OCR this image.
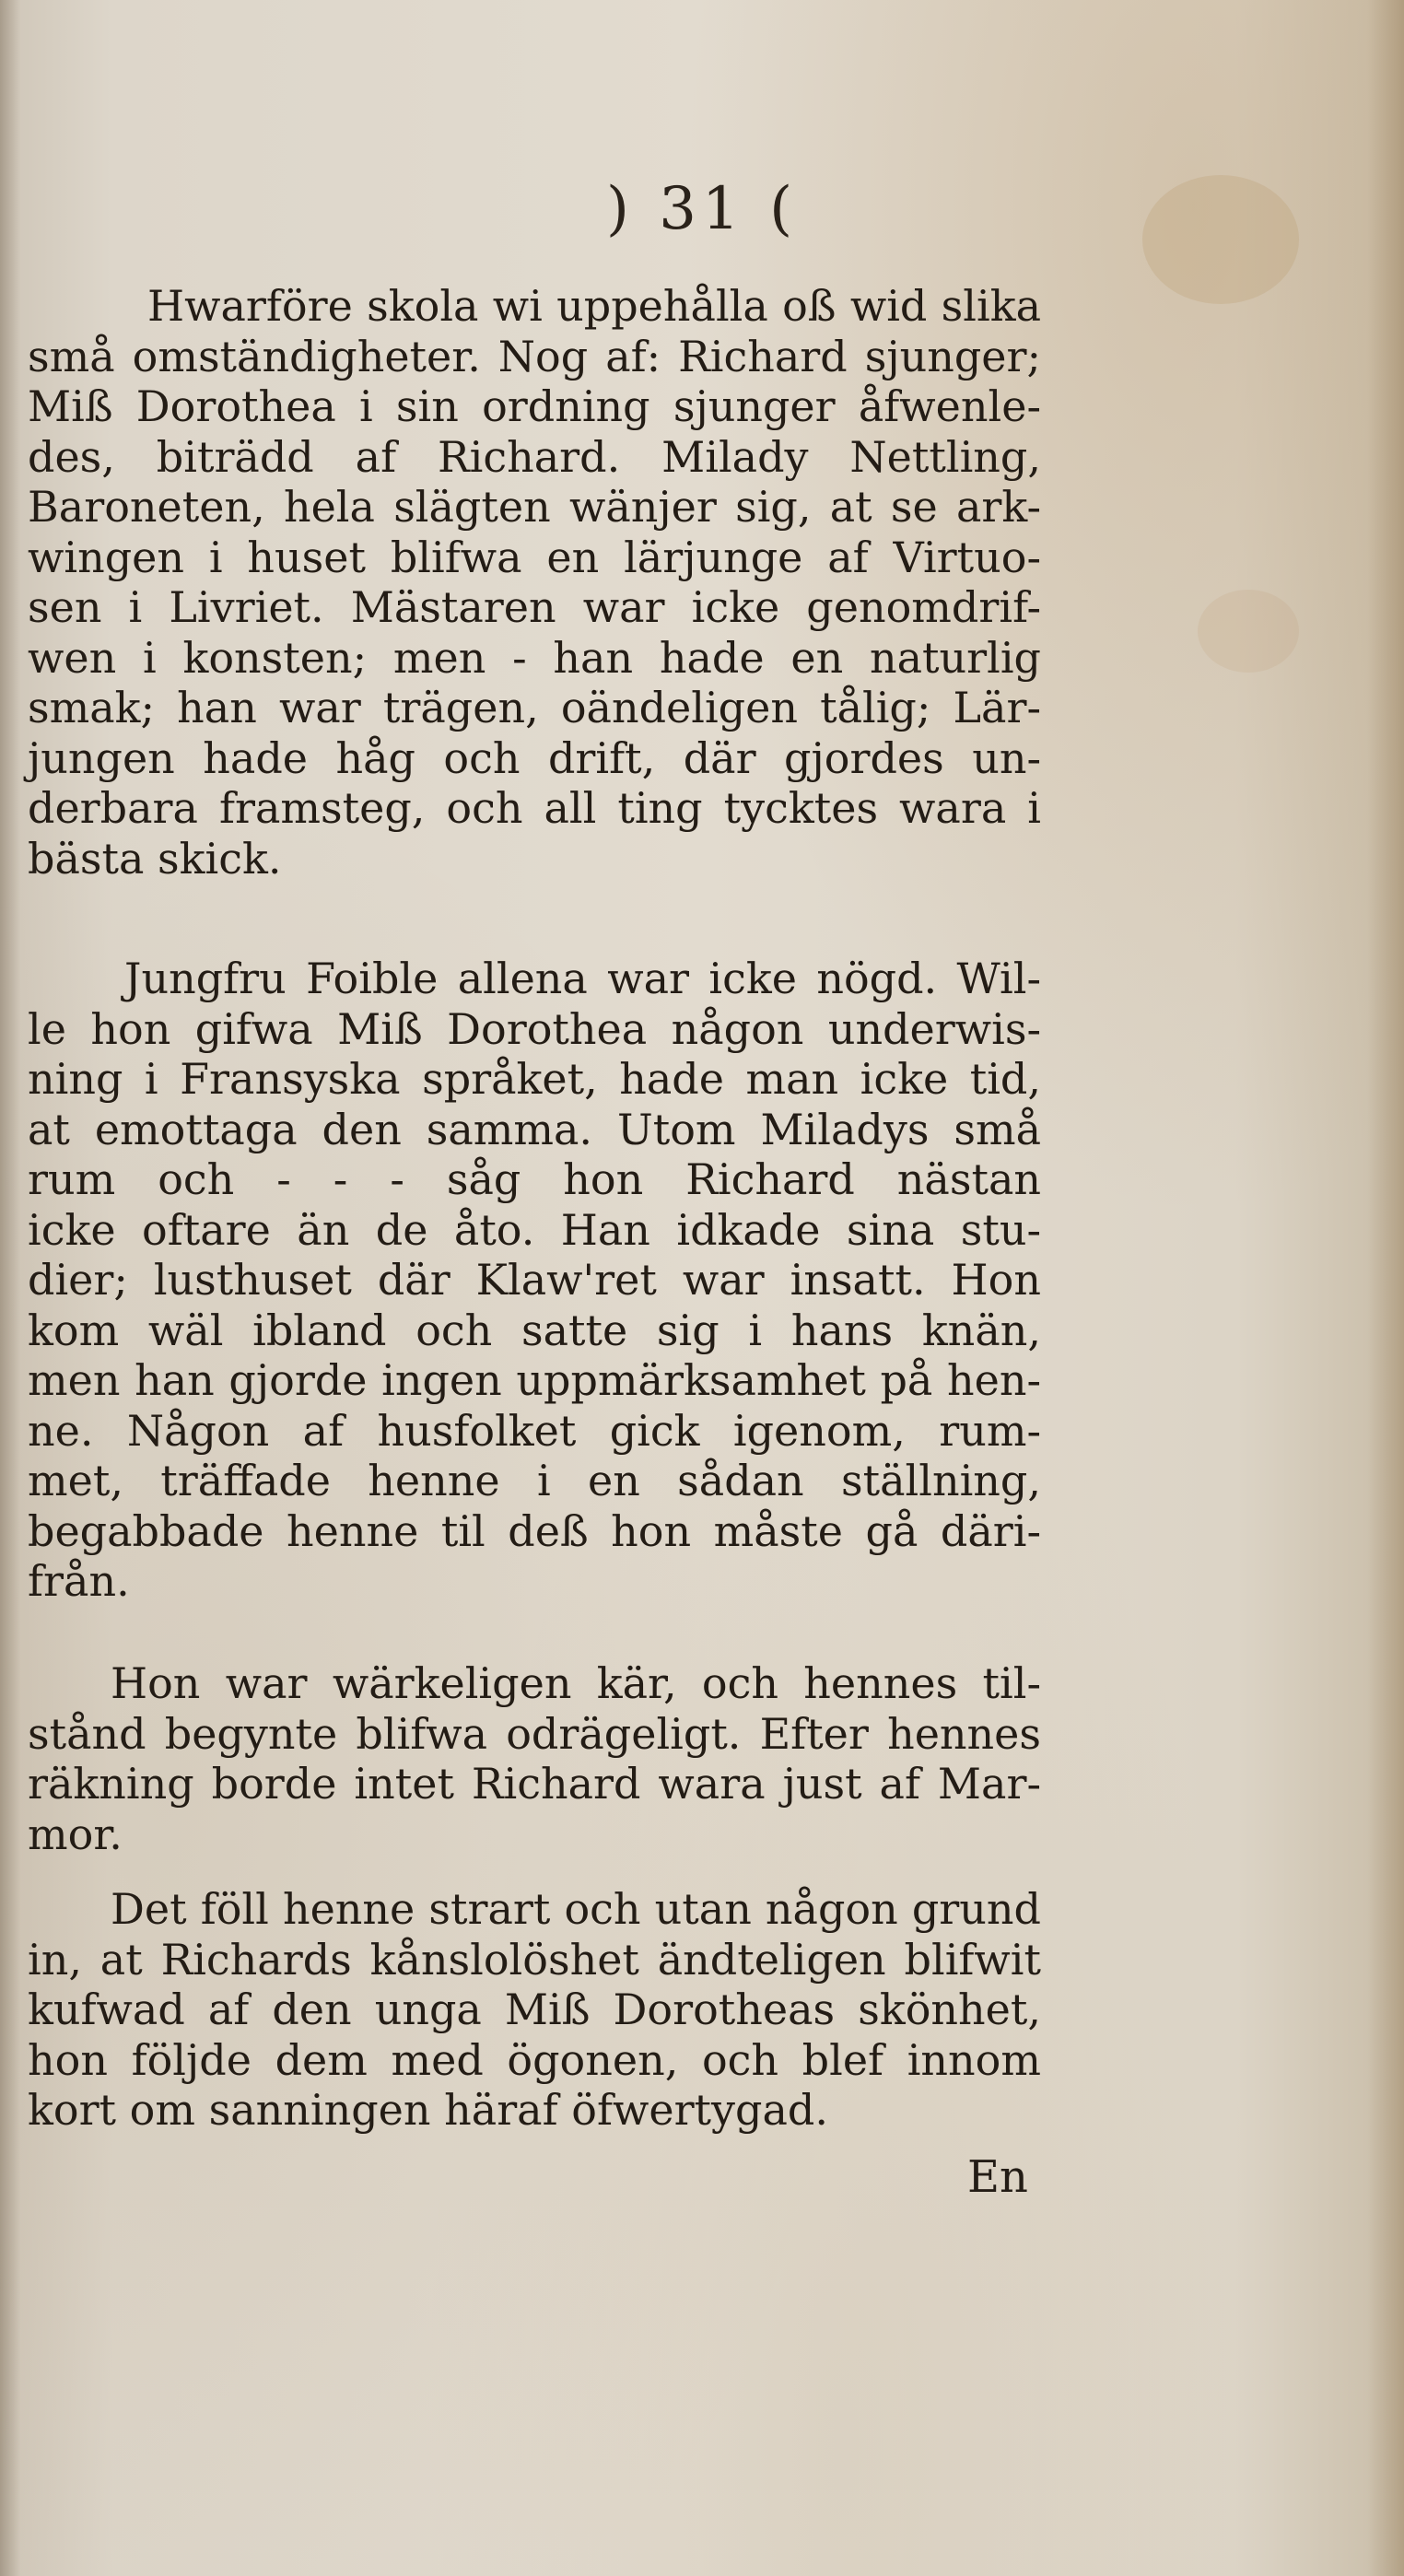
) 31 (
Hwarföre skola wi uppehålla oß wid slika
små omständigheter. Nog af: Richard sjunger;
Miß Dorothea i sin ordning sjunger åfwenle-
des, biträdd af Richard. Milady Nettling,
Baroneten, hela slägten wänjer sig, at se ark-
wingen i huset blifwa en lärjunge af Virtuo-
sen i Livriet. Mästaren war icke genomdrif-
wen i konsten; men - han hade en naturlig
smak; han war trägen, oändeligen tålig; Lär-
jungen hade håg och drift, där gjordes un-
derbara framsteg, och all ting tycktes wara i
bästa skick.
Jungfru Foible allena war icke nögd. Wil-
le hon gifwa Miß Dorothea någon underwis-
ning i Fransyska språket, hade man icke tid,
at emottaga den samma. Utom Miladys små
rum och - - - såg hon Richard nästan
icke oftare än de åto. Han idkade sina stu-
dier; lusthuset där Klaw'ret war insatt. Hon
kom wäl ibland och satte sig i hans knän,
men han gjorde ingen uppmärksamhet på hen-
ne. Någon af husfolket gick igenom, rum-
met, träffade henne i en sådan ställning,
begabbade henne til deß hon måste gå däri-
från.
Hon war wärkeligen kär, och hennes til-
stånd begynte blifwa odrägeligt. Efter hennes
räkning borde intet Richard wara just af Mar-
mor.
Det föll henne strart och utan någon grund
in, at Richards kånslolöshet ändteligen blifwit
kufwad af den unga Miß Dorotheas skönhet,
hon följde dem med ögonen, och blef innom
kort om sanningen häraf öfwertygad.
En
